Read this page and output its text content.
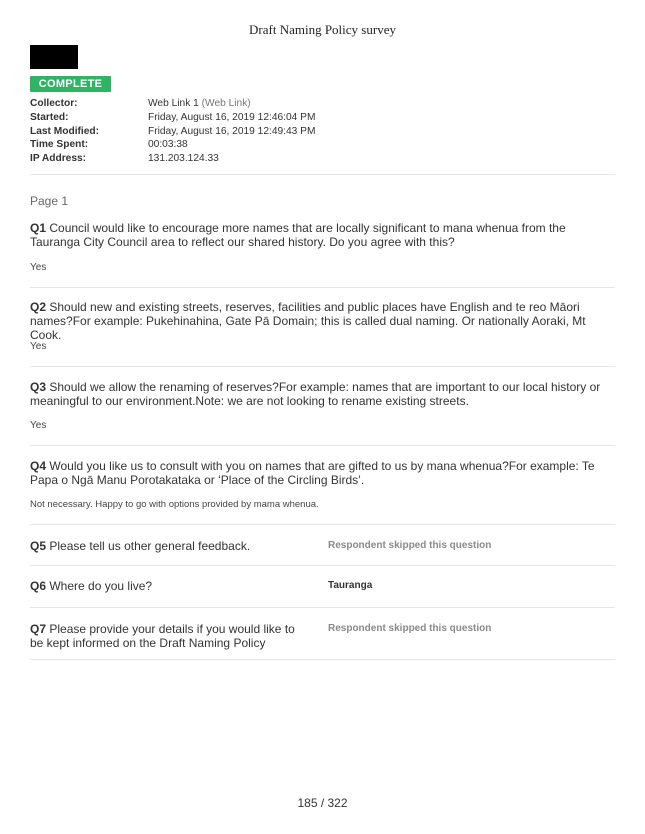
Draft Naming Policy survey
COMPLETE
Collector:	Web Link 1 (Web Link)
Started:	Friday, August 16, 2019 12:46:04 PM
Last Modified:	Friday, August 16, 2019 12:49:43 PM
Time Spent:	00:03:38
IP Address:	131.203.124.33
Page 1
Q1 Council would like to encourage more names that are locally significant to mana whenua from the Tauranga City Council area to reflect our shared history. Do you agree with this?
Yes
Q2 Should new and existing streets, reserves, facilities and public places have English and te reo Māori names?For example: Pukehinahina, Gate Pā Domain; this is called dual naming. Or nationally Aoraki, Mt Cook.
Yes
Q3 Should we allow the renaming of reserves?For example: names that are important to our local history or meaningful to our environment.Note: we are not looking to rename existing streets.
Yes
Q4 Would you like us to consult with you on names that are gifted to us by mana whenua?For example: Te Papa o Ngā Manu Porotakataka or ‘Place of the Circling Birds’.
Not necessary. Happy to go with options provided by mama whenua.
Q5 Please tell us other general feedback.	Respondent skipped this question
Q6 Where do you live?	Tauranga
Q7 Please provide your details if you would like to be kept informed on the Draft Naming Policy
Respondent skipped this question
185 / 322
